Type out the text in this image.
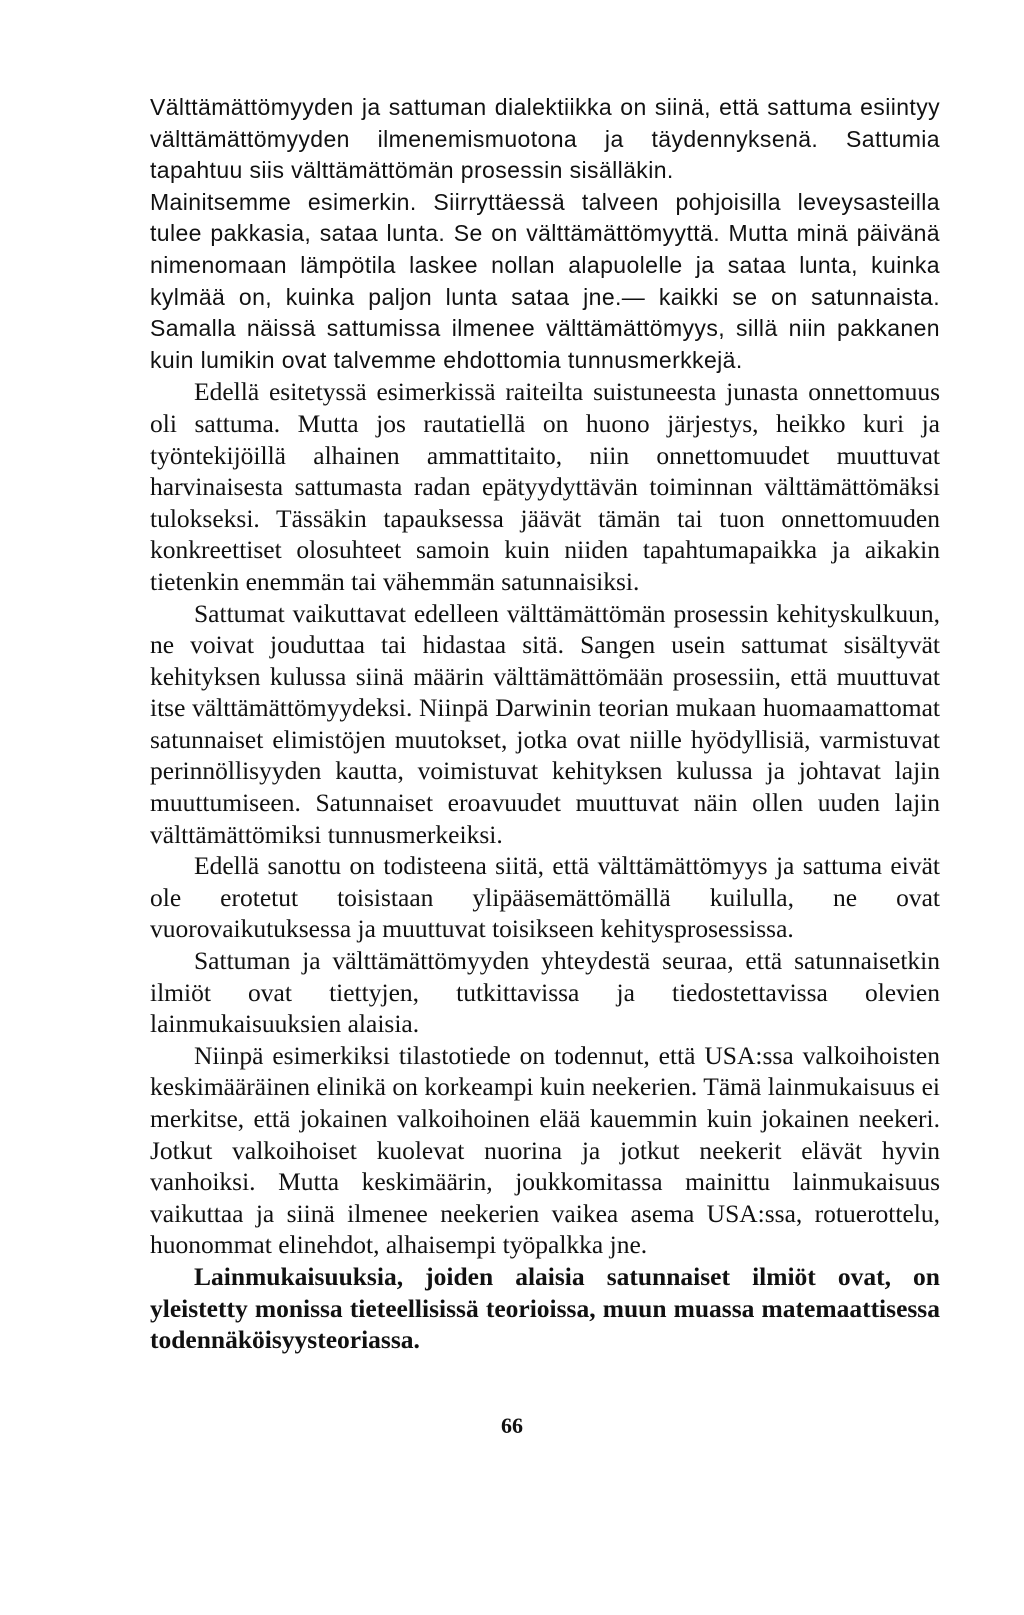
Välttämättömyyden ja sattuman dialektiikka on siinä, että sattuma esiintyy välttämättömyyden ilmenemismuotona ja täydennyksenä. Sattumia tapahtuu siis välttämättömän prosessin sisälläkin.

Mainitsemme esimerkin. Siirryttäessä talveen pohjoisilla leveysasteilla tulee pakkasia, sataa lunta. Se on välttämättömyyttä. Mutta minä päivänä nimenomaan lämpötila laskee nollan alapuolelle ja sataa lunta, kuinka kylmää on, kuinka paljon lunta sataa jne.— kaikki se on satunnaista. Samalla näissä sattumissa ilmenee välttämättömyys, sillä niin pakkanen kuin lumikin ovat talvemme ehdottomia tunnusmerkkejä.

Edellä esitetyssä esimerkissä raiteilta suistuneesta junasta onnettomuus oli sattuma. Mutta jos rautatiellä on huono järjestys, heikko kuri ja työntekijöillä alhainen ammattitaito, niin onnettomuudet muuttuvat harvinaisesta sattumasta radan epätyydyttävän toiminnan välttämättömäksi tulokseksi. Tässäkin tapauksessa jäävät tämän tai tuon onnettomuuden konkreettiset olosuhteet samoin kuin niiden tapahtumapaikka ja aikakin tietenkin enemmän tai vähemmän satunnaisiksi.

Sattumat vaikuttavat edelleen välttämättömän prosessin kehityskulkuun, ne voivat jouduttaa tai hidastaa sitä. Sangen usein sattumat sisältyvät kehityksen kulussa siinä määrin välttämättömään prosessiin, että muuttuvat itse välttämättömyydeksi. Niinpä Darwinin teorian mukaan huomaamattomat satunnaiset elimistöjen muutokset, jotka ovat niille hyödyllisiä, varmistuvat perinnöllisyyden kautta, voimistuvat kehityksen kulussa ja johtavat lajin muuttumiseen. Satunnaiset eroavuudet muuttuvat näin ollen uuden lajin välttämättömiksi tunnusmerkeiksi.

Edellä sanottu on todisteena siitä, että välttämättömyys ja sattuma eivät ole erotetut toisistaan ylipääsemättömällä kuilulla, ne ovat vuorovaikutuksessa ja muuttuvat toisikseen kehitysprosessissa.

Sattuman ja välttämättömyyden yhteydestä seuraa, että satunnaisetkin ilmiöt ovat tiettyjen, tutkittavissa ja tiedostettavissa olevien lainmukaisuuksien alaisia.

Niinpä esimerkiksi tilastotiede on todennut, että USA:ssa valkoihoisten keskimääräinen elinikä on korkeampi kuin neekerien. Tämä lainmukaisuus ei merkitse, että jokainen valkoihoinen elää kauemmin kuin jokainen neekeri. Jotkut valkoihoiset kuolevat nuorina ja jotkut neekerit elävät hyvin vanhoiksi. Mutta keskimäärin, joukkomitassa mainittu lainmukaisuus vaikuttaa ja siinä ilmenee neekerien vaikea asema USA:ssa, rotuerottelu, huonommat elinehdot, alhaisempi työpalkka jne.

Lainmukaisuuksia, joiden alaisia satunnaiset ilmiöt ovat, on yleistetty monissa tieteellisissä teorioissa, muun muassa matemaattisessa todennäköisyysteoriassa.

66
